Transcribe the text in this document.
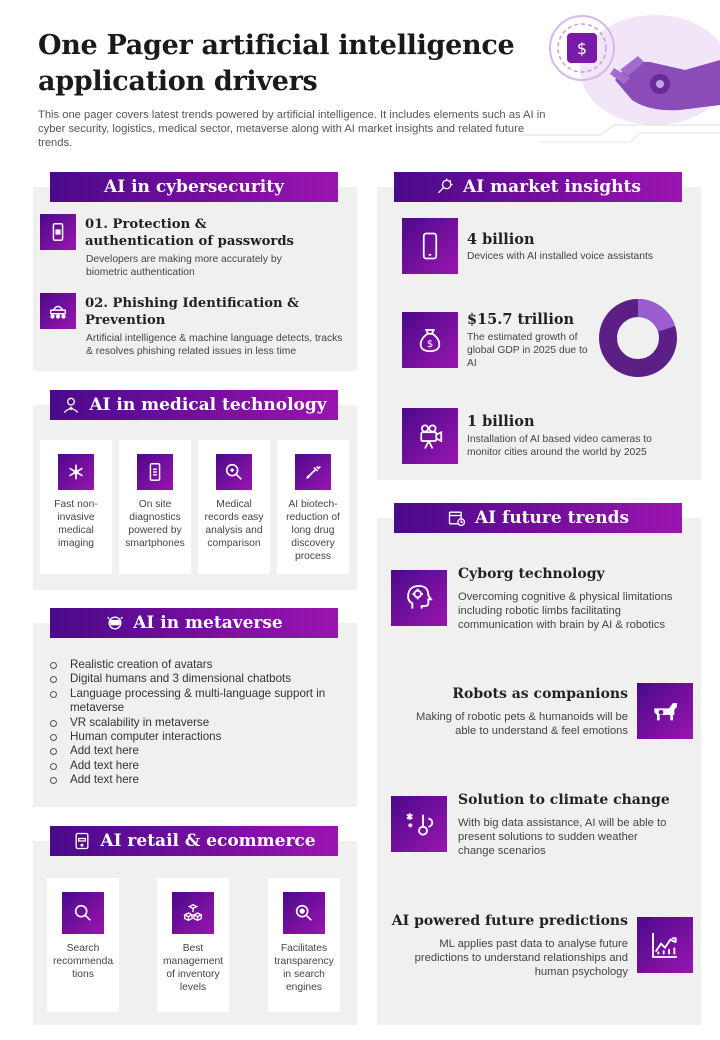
One Pager artificial intelligence application drivers
This one pager covers latest trends powered by artificial intelligence. It includes elements such as AI in cyber security, logistics, medical sector, metaverse along with AI market insights and related future trends.
$
AI in cybersecurity
01. Protection & authentication of passwords
Developers are making more accurately by biometric authentication
02. Phishing Identification & Prevention
Artificial intelligence & machine language detects, tracks & resolves phishing related issues in less time
AI in medical technology
Fast non-invasive medical imaging
On site diagnostics powered by smartphones
Medical records easy analysis and comparison
AI biotech-reduction of long drug discovery process
AI in metaverse
Realistic creation of avatars
Digital humans and 3 dimensional chatbots
Language processing & multi-language support in metaverse
VR scalability in metaverse
Human computer interactions
Add text here
Add text here
Add text here
AI retail & ecommerce
Search recommenda tions
Best management of inventory levels
Facilitates transparency in search engines
AI market insights
4 billion
Devices with AI installed voice assistants
$
$15.7 trillion
The estimated growth of global GDP in 2025 due to AI
1 billion
Installation of AI based video cameras to monitor cities around the world by 2025
AI future trends
Cyborg technology
Overcoming cognitive & physical limitations including robotic limbs facilitating communication with brain by AI & robotics
Robots as companions
Making of robotic pets & humanoids will be able to understand & feel emotions
Solution to climate change
With big data assistance, AI will be able to present solutions to sudden weather change scenarios
AI powered future predictions
ML applies past data to analyse future predictions to understand relationships and human psychology
